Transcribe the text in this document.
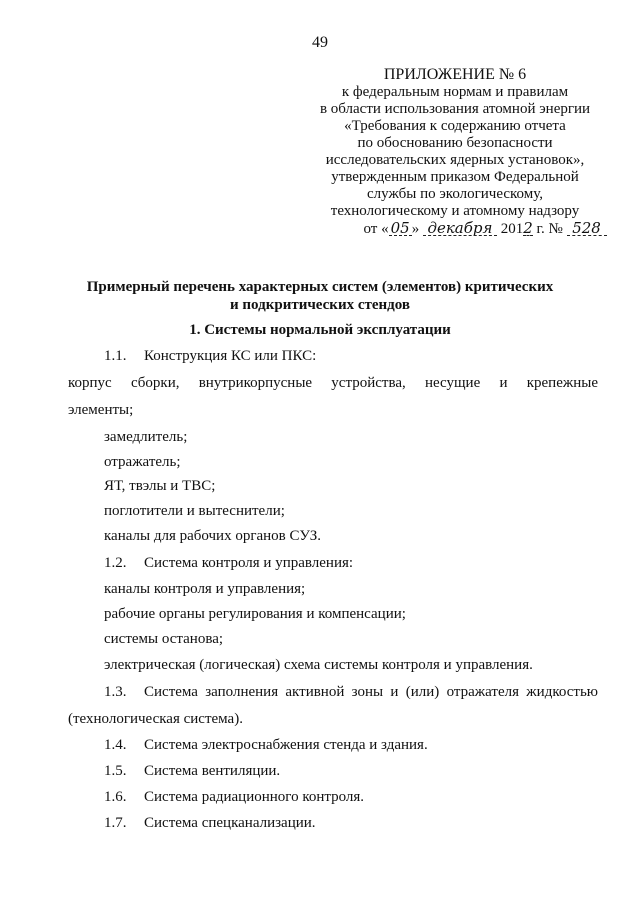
49
ПРИЛОЖЕНИЕ № 6
к федеральным нормам и правилам
в области использования атомной энергии
«Требования к содержанию отчета
по обоснованию безопасности
исследовательских ядерных установок»,
утвержденным приказом Федеральной
службы по экологическому,
технологическому и атомному надзору
от « 05 » декабря 2012 г. № 528
Примерный перечень характерных систем (элементов) критических
и подкритических стендов
1. Системы нормальной эксплуатации
1.1. Конструкция КС или ПКС:
корпус сборки, внутрикорпусные устройства, несущие и крепежные
элементы;
замедлитель;
отражатель;
ЯТ, твэлы и ТВС;
поглотители и вытеснители;
каналы для рабочих органов СУЗ.
1.2. Система контроля и управления:
каналы контроля и управления;
рабочие органы регулирования и компенсации;
системы останова;
электрическая (логическая) схема системы контроля и управления.
1.3. Система заполнения активной зоны и (или) отражателя жидкостью
(технологическая система).
1.4. Система электроснабжения стенда и здания.
1.5. Система вентиляции.
1.6. Система радиационного контроля.
1.7. Система спецканализации.
